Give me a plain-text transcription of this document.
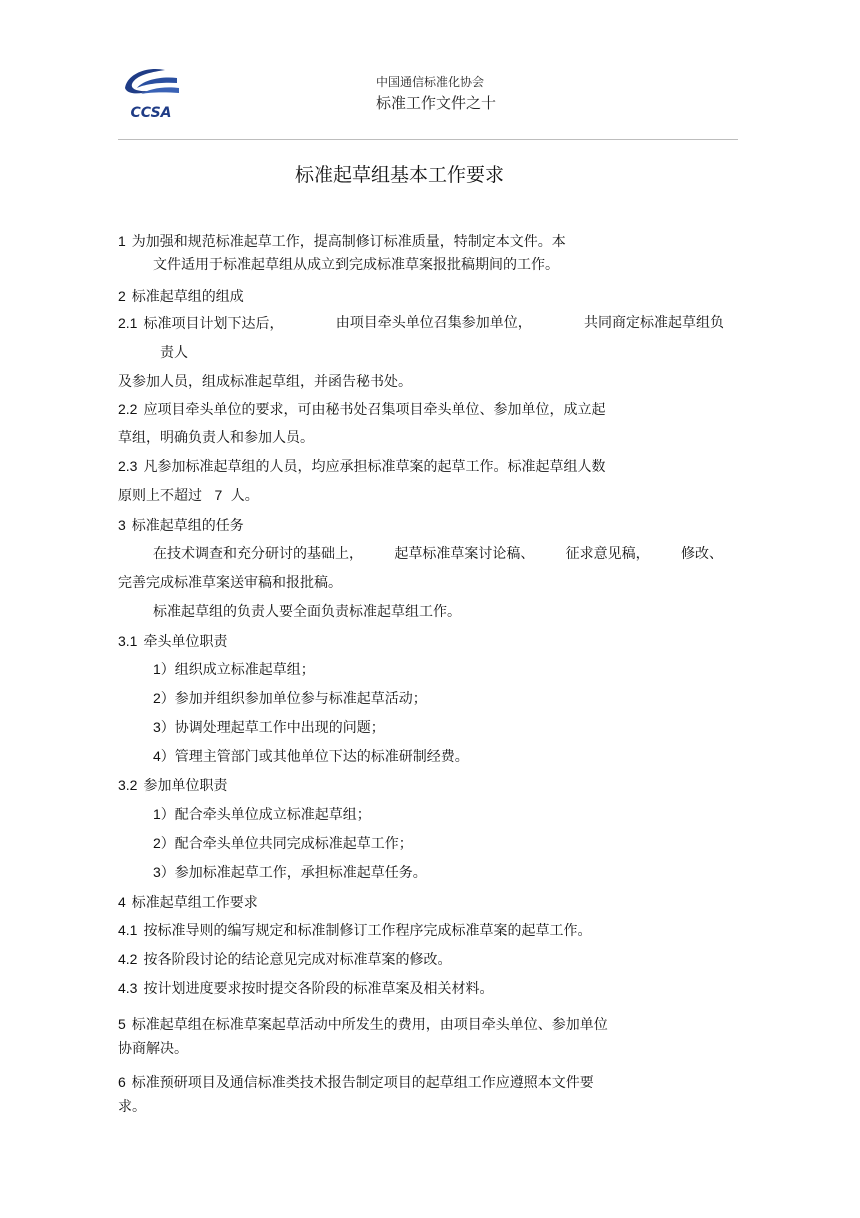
CCSA
中国通信标准化协会
标准工作文件之十
标准起草组基本工作要求
1 为加强和规范标准起草工作，提高制修订标准质量，特制定本文件。本
文件适用于标准起草组从成立到完成标准草案报批稿期间的工作。
2 标准起草组的组成
2.1 标准项目计划下达后，	由项目牵头单位召集参加单位，	共同商定标准起草组负
责人
及参加人员，组成标准起草组，并函告秘书处。
2.2 应项目牵头单位的要求，可由秘书处召集项目牵头单位、参加单位，成立起
草组，明确负责人和参加人员。
2.3 凡参加标准起草组的人员，均应承担标准草案的起草工作。标准起草组人数
原则上不超过 7 人。
3 标准起草组的任务
在技术调查和充分研讨的基础上， 起草标准草案讨论稿、 征求意见稿， 修改、
完善完成标准草案送审稿和报批稿。
标准起草组的负责人要全面负责标准起草组工作。
3.1 牵头单位职责
1）组织成立标准起草组；
2）参加并组织参加单位参与标准起草活动；
3）协调处理起草工作中出现的问题；
4）管理主管部门或其他单位下达的标准研制经费。
3.2 参加单位职责
1）配合牵头单位成立标准起草组；
2）配合牵头单位共同完成标准起草工作；
3）参加标准起草工作，承担标准起草任务。
4 标准起草组工作要求
4.1 按标准导则的编写规定和标准制修订工作程序完成标准草案的起草工作。
4.2 按各阶段讨论的结论意见完成对标准草案的修改。
4.3 按计划进度要求按时提交各阶段的标准草案及相关材料。
5 标准起草组在标准草案起草活动中所发生的费用，由项目牵头单位、参加单位
协商解决。
6 标准预研项目及通信标准类技术报告制定项目的起草组工作应遵照本文件要
求。
